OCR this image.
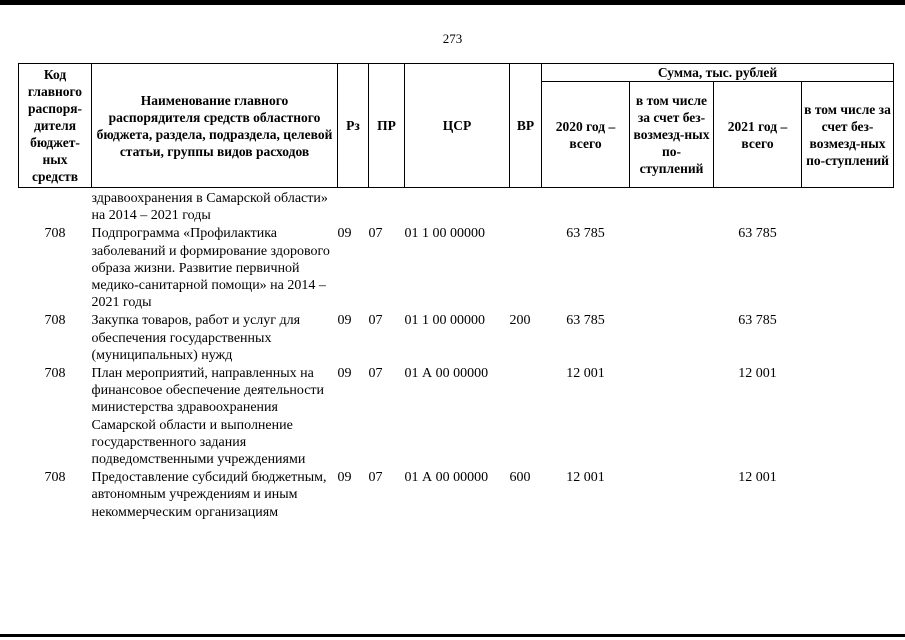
273
Код главного распоря-дителя бюджет-ных средств	Наименование главного распорядителя средств областного бюджета, раздела, подраздела, целевой статьи, группы видов расходов	Рз	ПР	ЦСР	ВР	Сумма, тыс. рублей			
						2020 год – всего	в том числе за счет без-возмезд-ных по-ступлений	2021 год – всего	в том числе за счет без-возмезд-ных по-ступлений
	здравоохранения в Самарской области» на 2014 – 2021 годы								
708	Подпрограмма «Профилактика заболеваний и формирование здорового образа жизни. Развитие первичной медико-санитарной помощи» на 2014 – 2021 годы	09	07	01 1 00 00000		63 785		63 785	
708	Закупка товаров, работ и услуг для обеспечения государственных (муниципальных) нужд	09	07	01 1 00 00000	200	63 785		63 785	
708	План мероприятий, направленных на финансовое обеспечение деятельности министерства здравоохранения Самарской области и выполнение государственного задания подведомственными учреждениями	09	07	01 А 00 00000		12 001		12 001	
708	Предоставление субсидий бюджетным, автономным учреждениям и иным некоммерческим организациям	09	07	01 А 00 00000	600	12 001		12 001	
